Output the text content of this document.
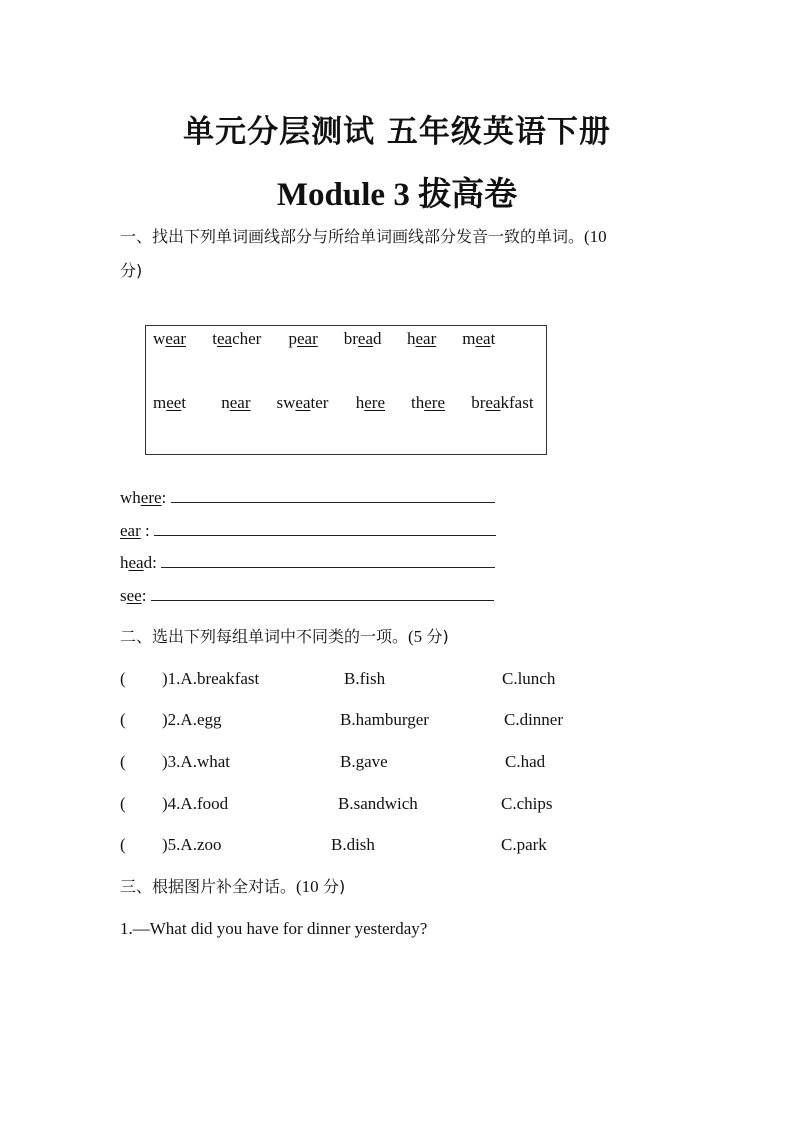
单元分层测试 五年级英语下册
Module 3 拔高卷
一、找出下列单词画线部分与所给单词画线部分发音一致的单词。(10
分)
wear teacher pear bread hear meat
meet near sweater here there breakfast
where:
ear :
head:
see:
二、选出下列每组单词中不同类的一项。(5 分)
( )1.A.breakfast	B.fish	C.lunch
( )2.A.egg	B.hamburger	C.dinner
( )3.A.what	B.gave	C.had
( )4.A.food	B.sandwich	C.chips
( )5.A.zoo	B.dish	C.park
三、根据图片补全对话。(10 分)
1.—What did you have for dinner yesterday?
